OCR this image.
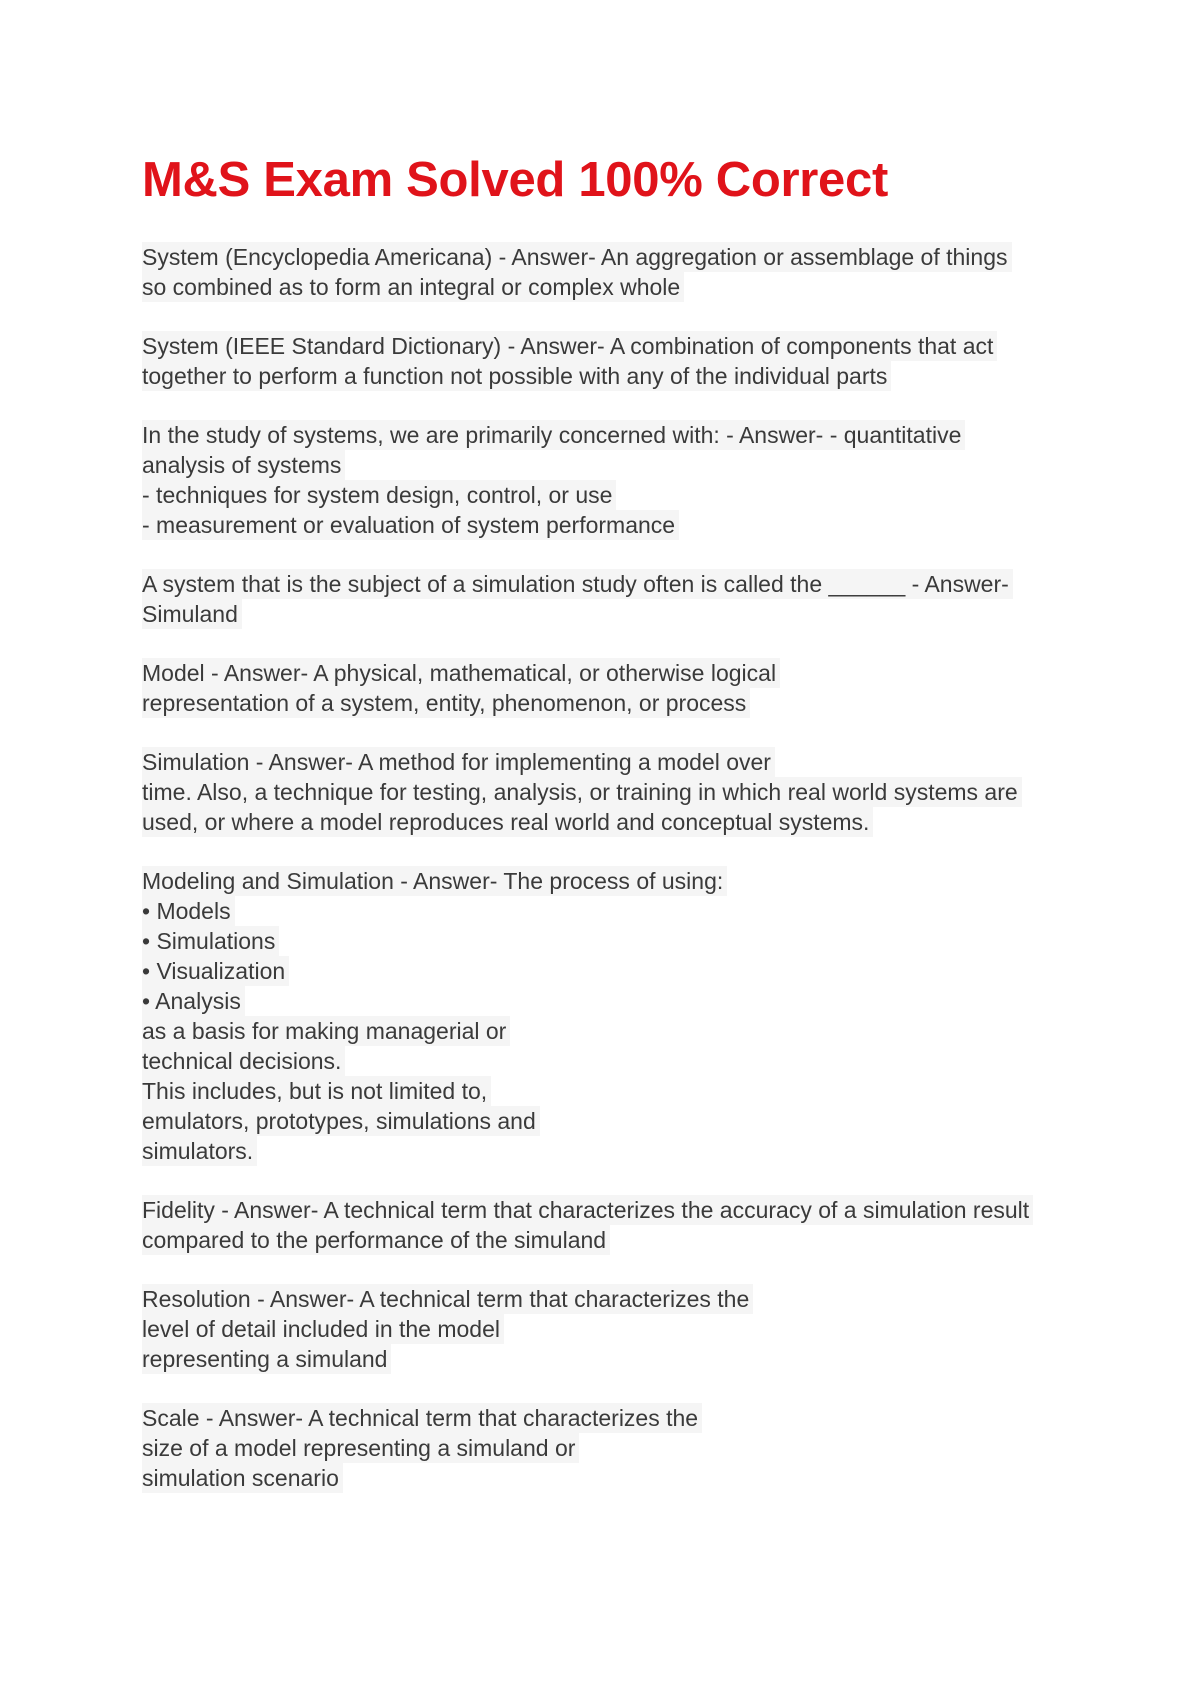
M&S Exam Solved 100% Correct
System (Encyclopedia Americana) - Answer- An aggregation or assemblage of things
so combined as to form an integral or complex whole
System (IEEE Standard Dictionary) - Answer- A combination of components that act
together to perform a function not possible with any of the individual parts
In the study of systems, we are primarily concerned with: - Answer- - quantitative
analysis of systems
- techniques for system design, control, or use
- measurement or evaluation of system performance
A system that is the subject of a simulation study often is called the ______ - Answer-
Simuland
Model - Answer- A physical, mathematical, or otherwise logical
representation of a system, entity, phenomenon, or process
Simulation - Answer- A method for implementing a model over
time. Also, a technique for testing, analysis, or training in which real world systems are
used, or where a model reproduces real world and conceptual systems.
Modeling and Simulation - Answer- The process of using:
• Models
• Simulations
• Visualization
• Analysis
as a basis for making managerial or
technical decisions.
This includes, but is not limited to,
emulators, prototypes, simulations and
simulators.
Fidelity - Answer- A technical term that characterizes the accuracy of a simulation result
compared to the performance of the simuland
Resolution - Answer- A technical term that characterizes the
level of detail included in the model
representing a simuland
Scale - Answer- A technical term that characterizes the
size of a model representing a simuland or
simulation scenario
